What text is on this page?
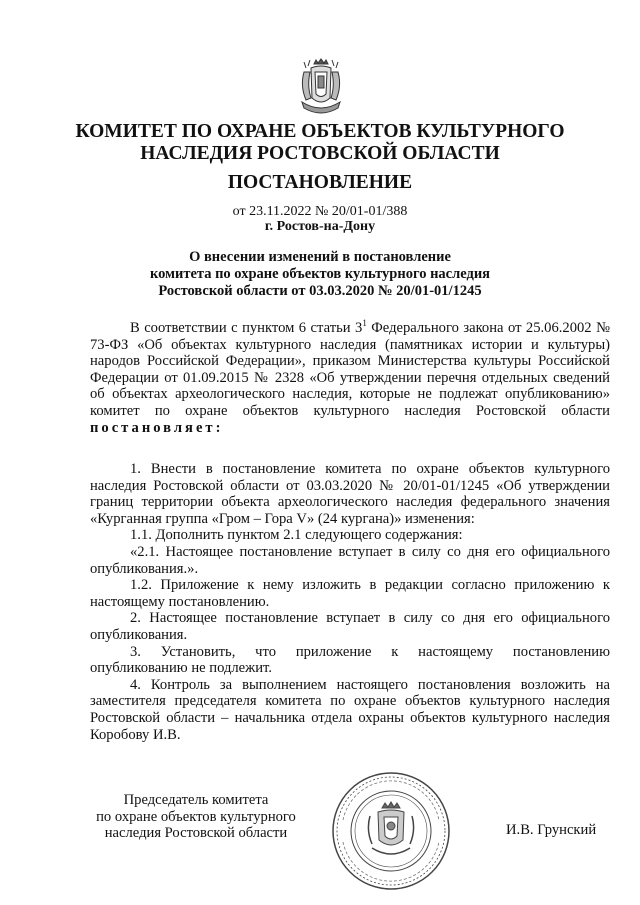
КОМИТЕТ ПО ОХРАНЕ ОБЪЕКТОВ КУЛЬТУРНОГО
НАСЛЕДИЯ РОСТОВСКОЙ ОБЛАСТИ
ПОСТАНОВЛЕНИЕ
от 23.11.2022 № 20/01-01/388
г. Ростов-на-Дону
О внесении изменений в постановление
комитета по охране объектов культурного наследия
Ростовской области от 03.03.2020 № 20/01-01/1245

В соответствии с пунктом 6 статьи $3^1$ Федерального закона от 25.06.2002 № 73-ФЗ «Об объектах культурного наследия (памятниках истории и культуры) народов Российской Федерации», приказом Министерства культуры Российской Федерации от 01.09.2015 № 2328 «Об утверждении перечня отдельных сведений об объектах археологического наследия, которые не подлежат опубликованию» комитет по охране объектов культурного наследия Ростовской области постановляет:

1. Внести в постановление комитета по охране объектов культурного наследия Ростовской области от 03.03.2020 № 20/01-01/1245 «Об утверждении границ территории объекта археологического наследия федерального значения «Курганная группа «Гром – Гора V» (24 кургана)» изменения:

1.1. Дополнить пунктом 2.1 следующего содержания:

«2.1. Настоящее постановление вступает в силу со дня его официального опубликования.».

1.2. Приложение к нему изложить в редакции согласно приложению к настоящему постановлению.

2. Настоящее постановление вступает в силу со дня его официального опубликования.

3. Установить, что приложение к настоящему постановлению опубликованию не подлежит.

4. Контроль за выполнением настоящего постановления возложить на заместителя председателя комитета по охране объектов культурного наследия Ростовской области – начальника отдела охраны объектов культурного наследия Коробову И.В.

Председатель комитета
по охране объектов культурного
наследия Ростовской области	И.В. Грунский
